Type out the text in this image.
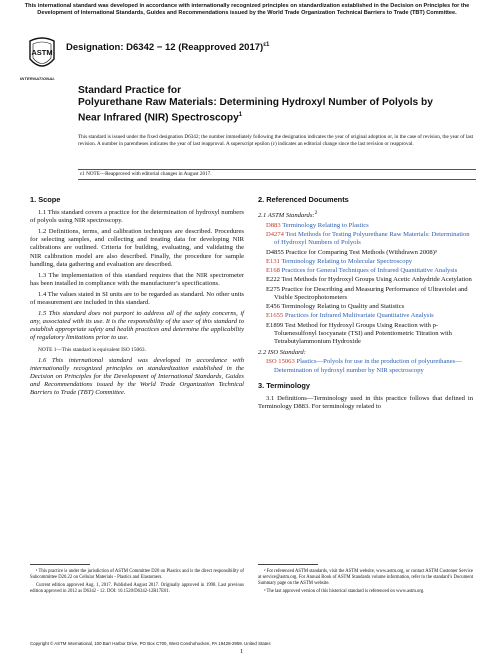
This international standard was developed in accordance with internationally recognized principles on standardization established in the Decision on Principles for the Development of International Standards, Guides and Recommendations issued by the World Trade Organization Technical Barriers to Trade (TBT) Committee.
ASTM
INTERNATIONAL
Designation: D6342 − 12 (Reapproved 2017)$^{\varepsilon 1}$
Standard Practice for
Polyurethane Raw Materials: Determining Hydroxyl Number of Polyols by Near Infrared (NIR) Spectroscopy$^1$
This standard is issued under the fixed designation D6342; the number immediately following the designation indicates the year of original adoption or, in the case of revision, the year of last revision. A number in parentheses indicates the year of last reapproval. A superscript epsilon (ε) indicates an editorial change since the last revision or reapproval.
ε1 NOTE—Reapproved with editorial changes in August 2017.
1. Scope

1.1 This standard covers a practice for the determination of hydroxyl numbers of polyols using NIR spectroscopy.

1.2 Definitions, terms, and calibration techniques are described. Procedures for selecting samples, and collecting and treating data for developing NIR calibrations are outlined. Criteria for building, evaluating, and validating the NIR calibration model are also described. Finally, the procedure for sample handling, data gathering and evaluation are described.

1.3 The implementation of this standard requires that the NIR spectrometer has been installed in compliance with the manufacturer’s specifications.

1.4 The values stated in SI units are to be regarded as standard. No other units of measurement are included in this standard.

1.5 This standard does not purport to address all of the safety concerns, if any, associated with its use. It is the responsibility of the user of this standard to establish appropriate safety and health practices and determine the applicability of regulatory limitations prior to use.

NOTE 1—This standard is equivalent ISO 15063.

1.6 This international standard was developed in accordance with internationally recognized principles on standardization established in the Decision on Principles for the Development of International Standards, Guides and Recommendations issued by the World Trade Organization Technical Barriers to Trade (TBT) Committee.

2. Referenced Documents
2.1 ASTM Standards:$^2$
D883 Terminology Relating to Plastics
D4274 Test Methods for Testing Polyurethane Raw Materials: Determination of Hydroxyl Numbers of Polyols
D4855 Practice for Comparing Test Methods (Withdrawn 2008)³
E131 Terminology Relating to Molecular Spectroscopy
E168 Practices for General Techniques of Infrared Quantitative Analysis
E222 Test Methods for Hydroxyl Groups Using Acetic Anhydride Acetylation
E275 Practice for Describing and Measuring Performance of Ultraviolet and Visible Spectrophotometers
E456 Terminology Relating to Quality and Statistics
E1655 Practices for Infrared Multivariate Quantitative Analysis
E1899 Test Method for Hydroxyl Groups Using Reaction with p-Toluenesulfonyl Isocyanate (TSI) and Potentiometric Titration with Tetrabutylammonium Hydroxide
2.2 ISO Standard:
ISO 15063 Plastics—Polyols for use in the production of polyurethanes—Determination of hydroxyl number by NIR spectroscopy
3. Terminology

3.1 Definitions—Terminology used in this practice follows that defined in Terminology D883. For terminology related to

¹ This practice is under the jurisdiction of ASTM Committee D20 on Plastics and is the direct responsibility of Subcommittee D20.22 on Cellular Materials - Plastics and Elastomers.

Current edition approved Aug. 1, 2017. Published August 2017. Originally approved in 1998. Last previous edition approved in 2012 as D6342 - 12. DOI: 10.1520/D6342-12R17E01.

² For referenced ASTM standards, visit the ASTM website, www.astm.org, or contact ASTM Customer Service at service@astm.org. For Annual Book of ASTM Standards volume information, refer to the standard’s Document Summary page on the ASTM website.

³ The last approved version of this historical standard is referenced on www.astm.org.

Copyright © ASTM International, 100 Barr Harbor Drive, PO Box C700, West Conshohocken, PA 19428-2959. United States
1
